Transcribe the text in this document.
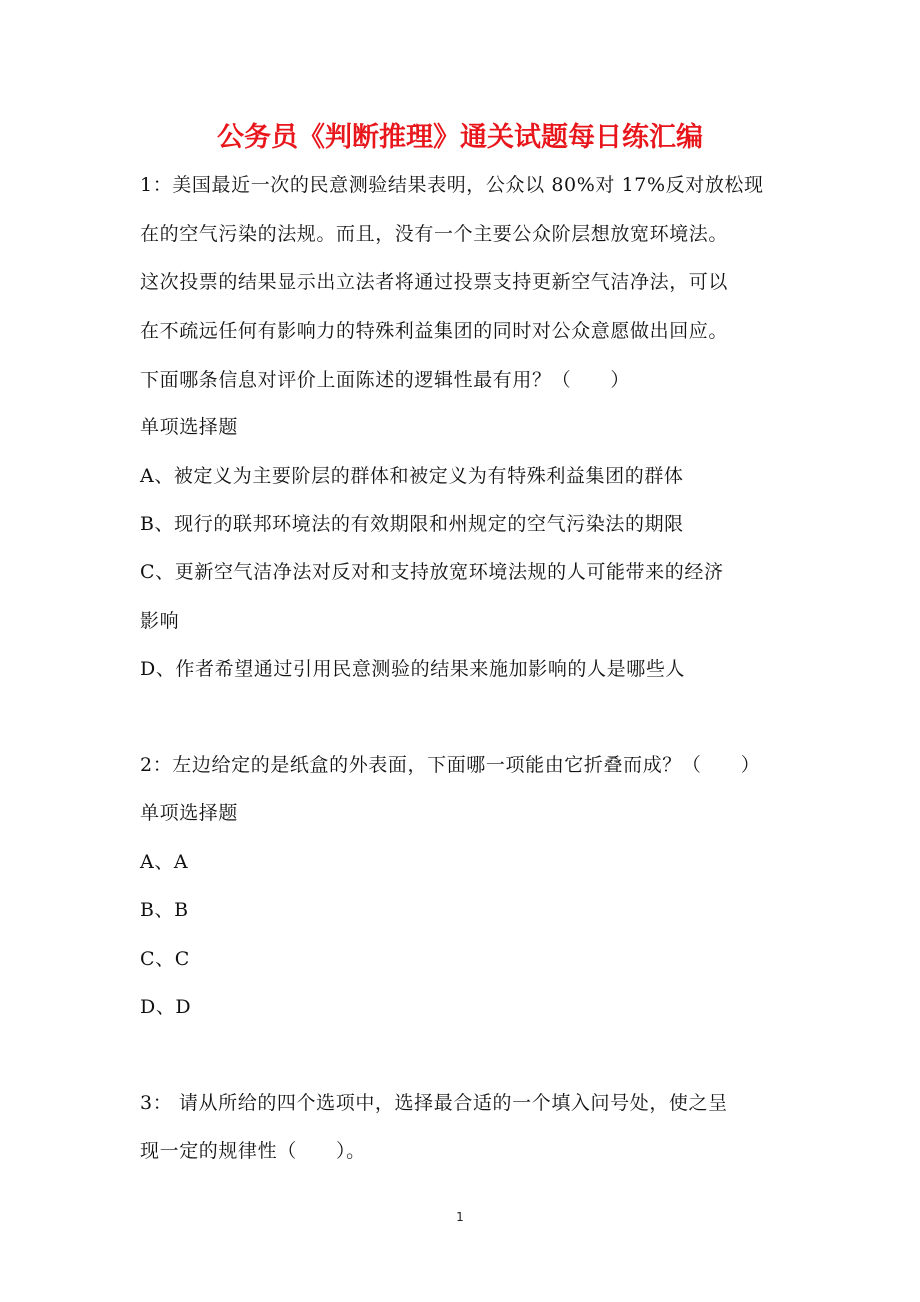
公务员《判断推理》通关试题每日练汇编
1：美国最近一次的民意测验结果表明，公众以 80%对 17%反对放松现
在的空气污染的法规。而且，没有一个主要公众阶层想放宽环境法。
这次投票的结果显示出立法者将通过投票支持更新空气洁净法，可以
在不疏远任何有影响力的特殊利益集团的同时对公众意愿做出回应。
下面哪条信息对评价上面陈述的逻辑性最有用？（　　）
单项选择题
A、被定义为主要阶层的群体和被定义为有特殊利益集团的群体
B、现行的联邦环境法的有效期限和州规定的空气污染法的期限
C、更新空气洁净法对反对和支持放宽环境法规的人可能带来的经济
影响
D、作者希望通过引用民意测验的结果来施加影响的人是哪些人
2：左边给定的是纸盒的外表面，下面哪一项能由它折叠而成？（　　）
单项选择题
A、A
B、B
C、C
D、D
3： 请从所给的四个选项中，选择最合适的一个填入问号处，使之呈
现一定的规律性（　　）。
1
